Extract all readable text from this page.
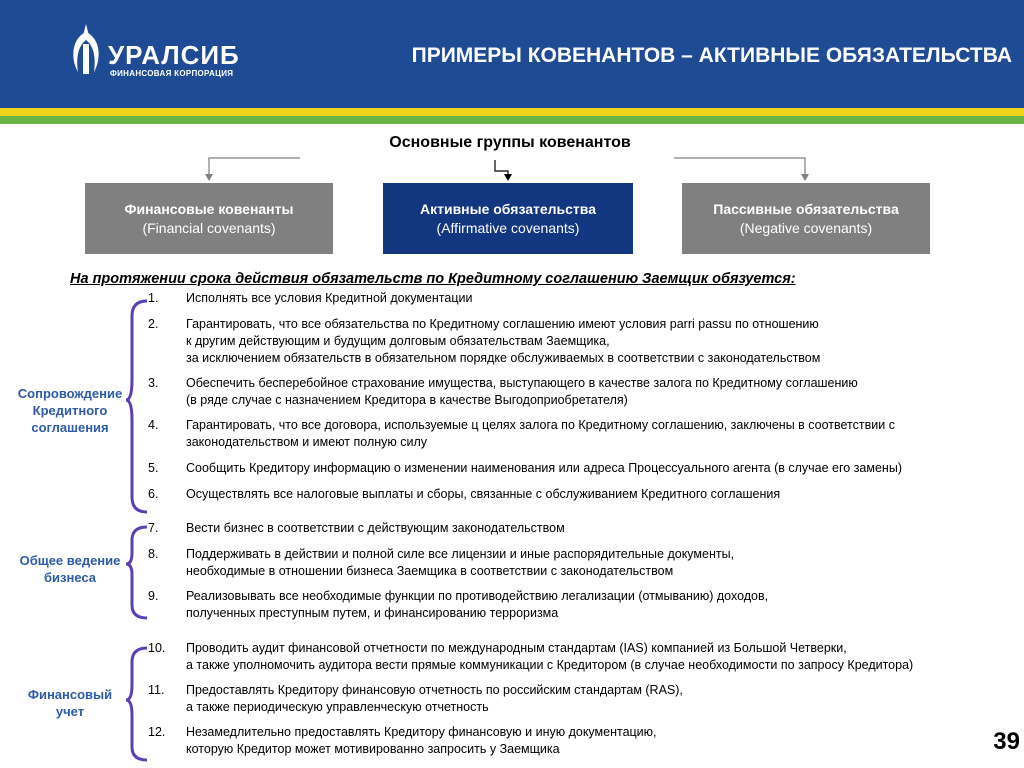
УРАЛСИБ
ФИНАНСОВАЯ КОРПОРАЦИЯ
ПРИМЕРЫ КОВЕНАНТОВ – АКТИВНЫЕ ОБЯЗАТЕЛЬСТВА
Основные группы ковенантов
Финансовые ковенанты
(Financial covenants)
Активные обязательства
(Affirmative covenants)
Пассивные обязательства
(Negative covenants)
На протяжении срока действия обязательств по Кредитному соглашению Заемщик обязуется:
Сопровождение
Кредитного
соглашения
Общее ведение
бизнеса
Финансовый
учет
1.	Исполнять все условия Кредитной документации
2.	Гарантировать, что все обязательства по Кредитному соглашению имеют условия parri passu по отношению
к другим действующим и будущим долговым обязательствам Заемщика,
за исключением обязательств в обязательном порядке обслуживаемых в соответствии с законодательством
3.	Обеспечить бесперебойное страхование имущества, выступающего в качестве залога по Кредитному соглашению
(в ряде случае с назначением Кредитора в качестве Выгодоприобретателя)
4.	Гарантировать, что все договора, используемые ц целях залога по Кредитному соглашению, заключены в соответствии с
законодательством и имеют полную силу
5.	Сообщить Кредитору информацию о изменении наименования или адреса Процессуального агента (в случае его замены)
6.	Осуществлять все налоговые выплаты и сборы, связанные с обслуживанием Кредитного соглашения
7.	Вести бизнес в соответствии с действующим законодательством
8.	Поддерживать в действии и полной силе все лицензии и иные распорядительные документы,
необходимые в отношении бизнеса Заемщика в соответствии с законодательством
9.	Реализовывать все необходимые функции по противодействию легализации (отмыванию) доходов,
полученных преступным путем, и финансированию терроризма
10.	Проводить аудит финансовой отчетности по международным стандартам (IAS) компанией из Большой Четверки,
а также уполномочить аудитора вести прямые коммуникации с Кредитором (в случае необходимости по запросу Кредитора)
11.	Предоставлять Кредитору финансовую отчетность по российским стандартам (RAS),
а также периодическую управленческую отчетность
12.	Незамедлительно предоставлять Кредитору финансовую и иную документацию,
которую Кредитор может мотивированно запросить у Заемщика	39
